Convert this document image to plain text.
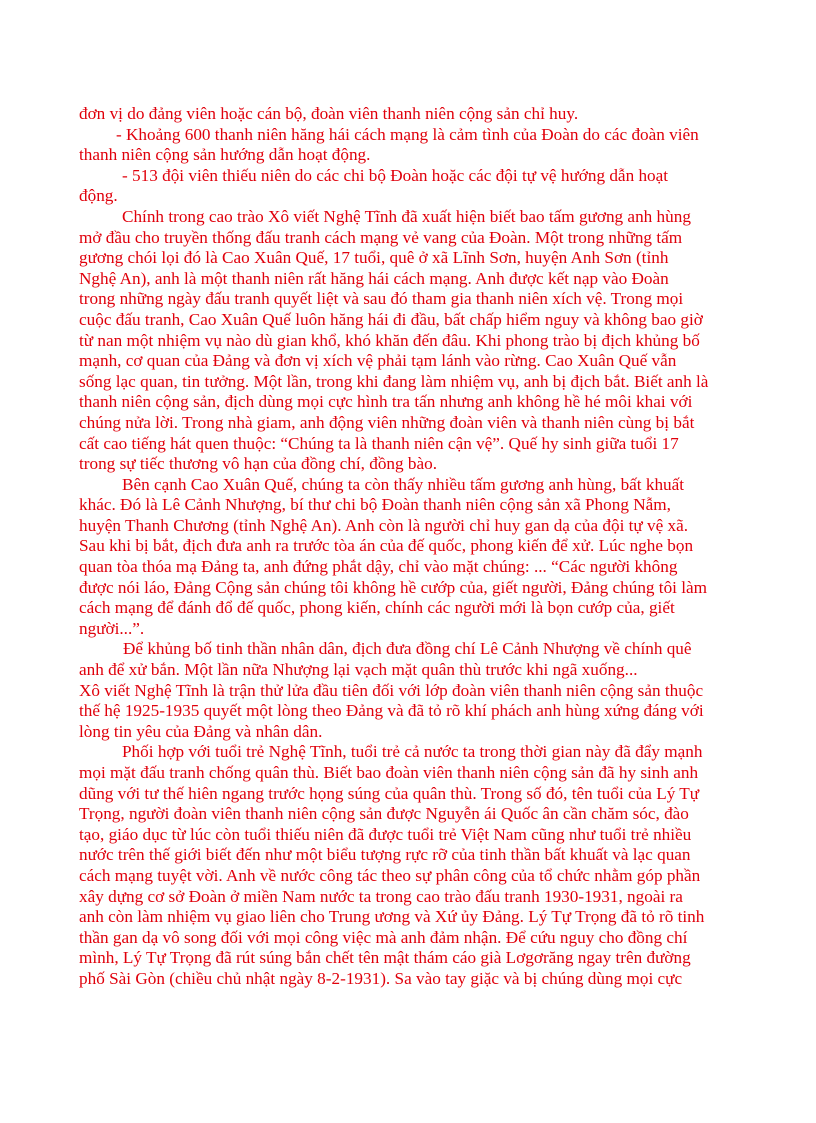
đơn vị do đảng viên hoặc cán bộ, đoàn viên thanh niên cộng sản chỉ huy.
- Khoảng 600 thanh niên hăng hái cách mạng là cảm tình của Đoàn do các đoàn viên
thanh niên cộng sản hướng dẫn hoạt động.
- 513 đội viên thiếu niên do các chi bộ Đoàn hoặc các đội tự vệ hướng dẫn hoạt
động.
Chính trong cao trào Xô viết Nghệ Tĩnh đã xuất hiện biết bao tấm gương anh hùng
mở đầu cho truyền thống đấu tranh cách mạng vẻ vang của Đoàn. Một trong những tấm
gương chói lọi đó là Cao Xuân Quế, 17 tuổi, quê ở xã Lĩnh Sơn, huyện Anh Sơn (tỉnh
Nghệ An), anh là một thanh niên rất hăng hái cách mạng. Anh được kết nạp vào Đoàn
trong những ngày đấu tranh quyết liệt và sau đó tham gia thanh niên xích vệ. Trong mọi
cuộc đấu tranh, Cao Xuân Quế luôn hăng hái đi đầu, bất chấp hiểm nguy và không bao giờ
từ nan một nhiệm vụ nào dù gian khổ, khó khăn đến đâu. Khi phong trào bị địch khủng bố
mạnh, cơ quan của Đảng và đơn vị xích vệ phải tạm lánh vào rừng. Cao Xuân Quế vẫn
sống lạc quan, tin tưởng. Một lần, trong khi đang làm nhiệm vụ, anh bị địch bắt. Biết anh là
thanh niên cộng sản, địch dùng mọi cực hình tra tấn nhưng anh không hề hé môi khai với
chúng nửa lời. Trong nhà giam, anh động viên những đoàn viên và thanh niên cùng bị bắt
cất cao tiếng hát quen thuộc: “Chúng ta là thanh niên cận vệ”. Quế hy sinh giữa tuổi 17
trong sự tiếc thương vô hạn của đồng chí, đồng bào.
Bên cạnh Cao Xuân Quế, chúng ta còn thấy nhiều tấm gương anh hùng, bất khuất
khác. Đó là Lê Cảnh Nhượng, bí thư chi bộ Đoàn thanh niên cộng sản xã Phong Nẫm,
huyện Thanh Chương (tỉnh Nghệ An). Anh còn là người chỉ huy gan dạ của đội tự vệ xã.
Sau khi bị bắt, địch đưa anh ra trước tòa án của đế quốc, phong kiến để xử. Lúc nghe bọn
quan tòa thóa mạ Đảng ta, anh đứng phắt dậy, chỉ vào mặt chúng: ... “Các người không
được nói láo, Đảng Cộng sản chúng tôi không hề cướp của, giết người, Đảng chúng tôi làm
cách mạng để đánh đổ đế quốc, phong kiến, chính các người mới là bọn cướp của, giết
người...”.
Để khủng bố tinh thần nhân dân, địch đưa đồng chí Lê Cảnh Nhượng về chính quê
anh để xử bắn. Một lần nữa Nhượng lại vạch mặt quân thù trước khi ngã xuống...
Xô viết Nghệ Tĩnh là trận thử lửa đầu tiên đối với lớp đoàn viên thanh niên cộng sản thuộc
thế hệ 1925-1935 quyết một lòng theo Đảng và đã tỏ rõ khí phách anh hùng xứng đáng với
lòng tin yêu của Đảng và nhân dân.
Phối hợp với tuổi trẻ Nghệ Tĩnh, tuổi trẻ cả nước ta trong thời gian này đã đẩy mạnh
mọi mặt đấu tranh chống quân thù. Biết bao đoàn viên thanh niên cộng sản đã hy sinh anh
dũng với tư thế hiên ngang trước họng súng của quân thù. Trong số đó, tên tuổi của Lý Tự
Trọng, người đoàn viên thanh niên cộng sản được Nguyễn ái Quốc ân cần chăm sóc, đào
tạo, giáo dục từ lúc còn tuổi thiếu niên đã được tuổi trẻ Việt Nam cũng như tuổi trẻ nhiều
nước trên thế giới biết đến như một biểu tượng rực rỡ của tinh thần bất khuất và lạc quan
cách mạng tuyệt vời. Anh về nước công tác theo sự phân công của tổ chức nhằm góp phần
xây dựng cơ sở Đoàn ở miền Nam nước ta trong cao trào đấu tranh 1930-1931, ngoài ra
anh còn làm nhiệm vụ giao liên cho Trung ương và Xứ ủy Đảng. Lý Tự Trọng đã tỏ rõ tinh
thần gan dạ vô song đối với mọi công việc mà anh đảm nhận. Để cứu nguy cho đồng chí
mình, Lý Tự Trọng đã rút súng bắn chết tên mật thám cáo già Lơgơrăng ngay trên đường
phố Sài Gòn (chiều chủ nhật ngày 8-2-1931). Sa vào tay giặc và bị chúng dùng mọi cực
